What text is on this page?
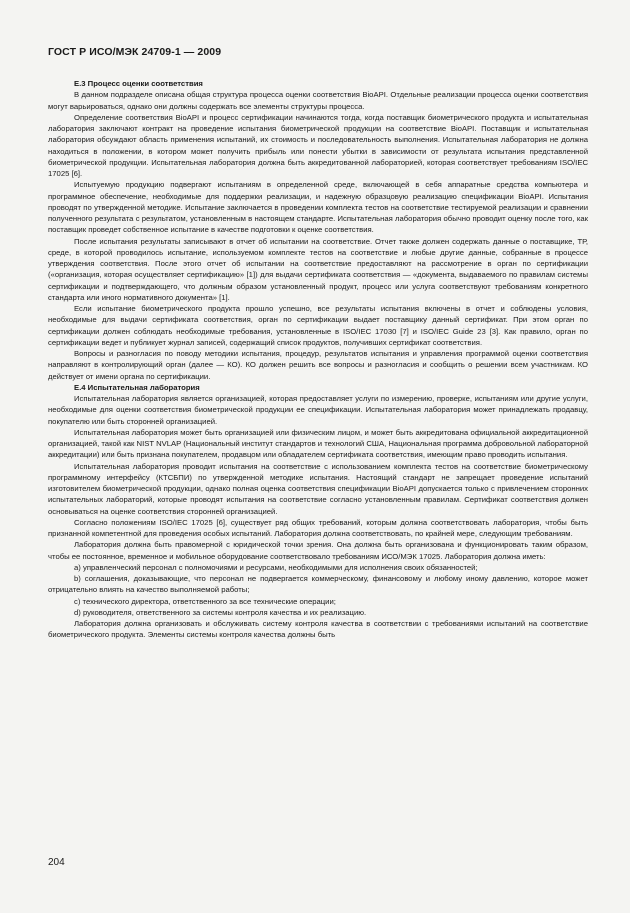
ГОСТ Р ИСО/МЭК 24709-1 — 2009
Е.3 Процесс оценки соответствия

В данном подразделе описана общая структура процесса оценки соответствия BioAPI. Отдельные реализации процесса оценки соответствия могут варьироваться, однако они должны содержать все элементы структуры процесса.

Определение соответствия BioAPI и процесс сертификации начинаются тогда, когда поставщик биометрического продукта и испытательная лаборатория заключают контракт на проведение испытания биометрической продукции на соответствие BioAPI. Поставщик и испытательная лаборатория обсуждают область применения испытаний, их стоимость и последовательность выполнения. Испытательная лаборатория не должна находиться в положении, в котором может получить прибыль или понести убытки в зависимости от результата испытания представленной биометрической продукции. Испытательная лаборатория должна быть аккредитованной лабораторией, которая соответствует требованиям ISO/IEC 17025 [6].

Испытуемую продукцию подвергают испытаниям в определенной среде, включающей в себя аппаратные средства компьютера и программное обеспечение, необходимые для поддержки реализации, и надежную образцовую реализацию спецификации BioAPI. Испытания проводят по утвержденной методике. Испытание заключается в проведении комплекта тестов на соответствие тестируемой реализации и сравнении полученного результата с результатом, установленным в настоящем стандарте. Испытательная лаборатория обычно проводит оценку после того, как поставщик проведет собственное испытание в качестве подготовки к оценке соответствия.

После испытания результаты записывают в отчет об испытании на соответствие. Отчет также должен содержать данные о поставщике, ТР, среде, в которой проводилось испытание, используемом комплекте тестов на соответствие и любые другие данные, собранные в процессе утверждения соответствия. После этого отчет об испытании на соответствие предоставляют на рассмотрение в орган по сертификации («организация, которая осуществляет сертификацию» [1]) для выдачи сертификата соответствия — «документа, выдаваемого по правилам системы сертификации и подтверждающего, что должным образом установленный продукт, процесс или услуга соответствуют требованиям конкретного стандарта или иного нормативного документа» [1].

Если испытание биометрического продукта прошло успешно, все результаты испытания включены в отчет и соблюдены условия, необходимые для выдачи сертификата соответствия, орган по сертификации выдает поставщику данный сертификат. При этом орган по сертификации должен соблюдать необходимые требования, установленные в ISO/IEC 17030 [7] и ISO/IEC Guide 23 [3]. Как правило, орган по сертификации ведет и публикует журнал записей, содержащий список продуктов, получивших сертификат соответствия.

Вопросы и разногласия по поводу методики испытания, процедур, результатов испытания и управления программой оценки соответствия направляют в контролирующий орган (далее — КО). КО должен решить все вопросы и разногласия и сообщить о решении всем участникам. КО действует от имени органа по сертификации.

Е.4 Испытательная лаборатория

Испытательная лаборатория является организацией, которая предоставляет услуги по измерению, проверке, испытаниям или другие услуги, необходимые для оценки соответствия биометрической продукции ее спецификации. Испытательная лаборатория может принадлежать продавцу, покупателю или быть сторонней организацией.

Испытательная лаборатория может быть организацией или физическим лицом, и может быть аккредитована официальной аккредитационной организацией, такой как NIST NVLAP (Национальный институт стандартов и технологий США, Национальная программа добровольной лабораторной аккредитации) или быть признана покупателем, продавцом или обладателем сертификата соответствия, имеющим право проводить испытания.

Испытательная лаборатория проводит испытания на соответствие с использованием комплекта тестов на соответствие биометрическому программному интерфейсу (КТСБПИ) по утвержденной методике испытания. Настоящий стандарт не запрещает проведение испытаний изготовителем биометрической продукции, однако полная оценка соответствия спецификации BioAPI допускается только с привлечением сторонних испытательных лабораторий, которые проводят испытания на соответствие согласно установленным правилам. Сертификат соответствия должен основываться на оценке соответствия сторонней организацией.

Согласно положениям ISO/IEC 17025 [6], существует ряд общих требований, которым должна соответствовать лаборатория, чтобы быть признанной компетентной для проведения особых испытаний. Лаборатория должна соответствовать, по крайней мере, следующим требованиям.

Лаборатория должна быть правомерной с юридической точки зрения. Она должна быть организована и функционировать таким образом, чтобы ее постоянное, временное и мобильное оборудование соответствовало требованиям ИСО/МЭК 17025. Лаборатория должна иметь:

a) управленческий персонал с полномочиями и ресурсами, необходимыми для исполнения своих обязанностей;

b) соглашения, доказывающие, что персонал не подвергается коммерческому, финансовому и любому иному давлению, которое может отрицательно влиять на качество выполняемой работы;

c) технического директора, ответственного за все технические операции;

d) руководителя, ответственного за системы контроля качества и их реализацию.

Лаборатория должна организовать и обслуживать систему контроля качества в соответствии с требованиями испытаний на соответствие биометрического продукта. Элементы системы контроля качества должны быть

204
